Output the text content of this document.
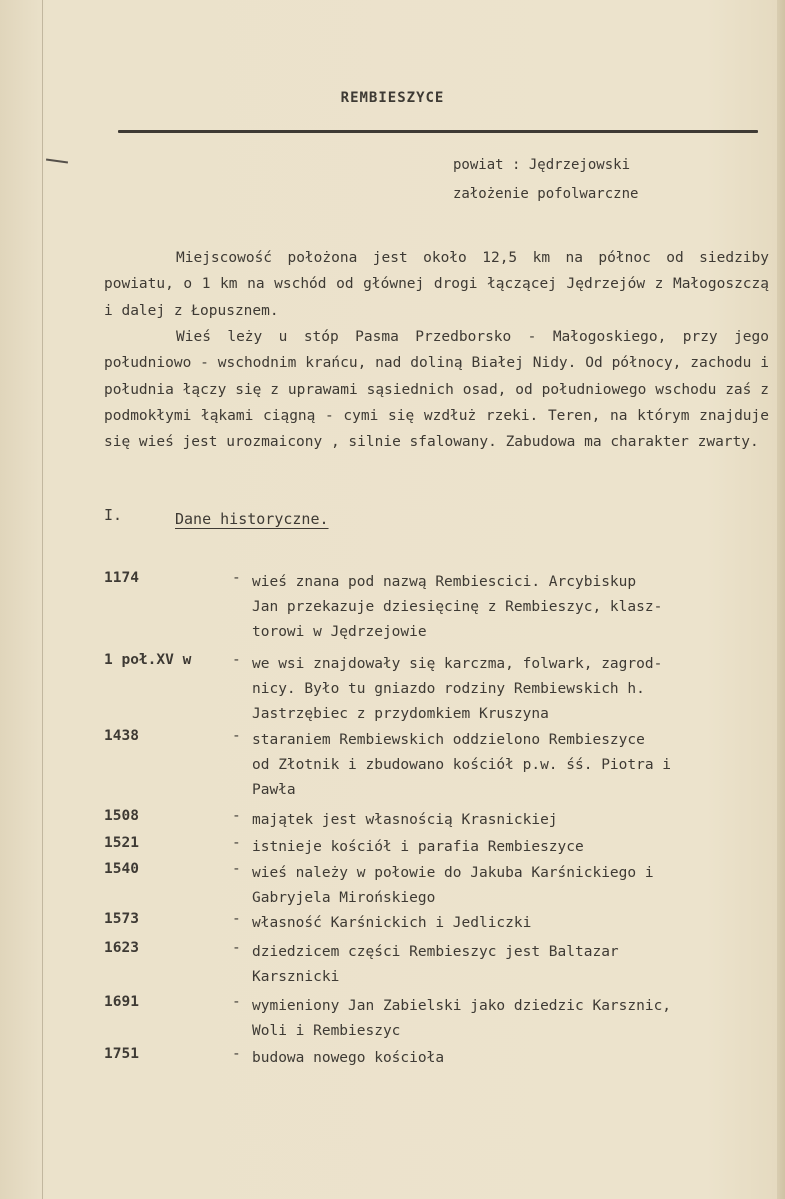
REMBIESZYCE
powiat : Jędrzejowski
założenie pofolwarczne
Miejscowość położona jest około 12,5 km na północ od siedziby powiatu, o 1 km na wschód od głównej drogi łączącej Jędrzejów z Małogoszczą i dalej z Łopusznem.
Wieś leży u stóp Pasma Przedborsko - Małogoskiego, przy jego południowo - wschodnim krańcu, nad doliną Białej Nidy. Od północy, zachodu i południa łączy się z uprawami sąsiednich osad, od południowego wschodu zaś z podmokłymi łąkami ciągną - cymi się wzdłuż rzeki. Teren, na którym znajduje się wieś jest urozmaicony , silnie sfalowany. Zabudowa ma charakter zwarty.
I.	Dane historyczne.
1174	- wieś znana pod nazwą Rembiescici. Arcybiskup
Jan przekazuje dziesięcinę z Rembieszyc, klasz-
torowi w Jędrzejowie
1 poł.XV w	- we wsi znajdowały się karczma, folwark, zagrod-
nicy. Było tu gniazdo rodziny Rembiewskich h.
Jastrzębiec z przydomkiem Kruszyna
1438	- staraniem Rembiewskich oddzielono Rembieszyce
od Złotnik i zbudowano kościół p.w. śś. Piotra i
Pawła
1508	- majątek jest własnością Krasnickiej
1521	- istnieje kościół i parafia Rembieszyce
1540	- wieś należy w połowie do Jakuba Karśnickiego i
Gabryjela Mirońskiego
1573	- własność Karśnickich i Jedliczki
1623	- dziedzicem części Rembieszyc jest Baltazar
Karsznicki
1691	- wymieniony Jan Zabielski jako dziedzic Karsznic,
Woli i Rembieszyc
1751	- budowa nowego kościoła
